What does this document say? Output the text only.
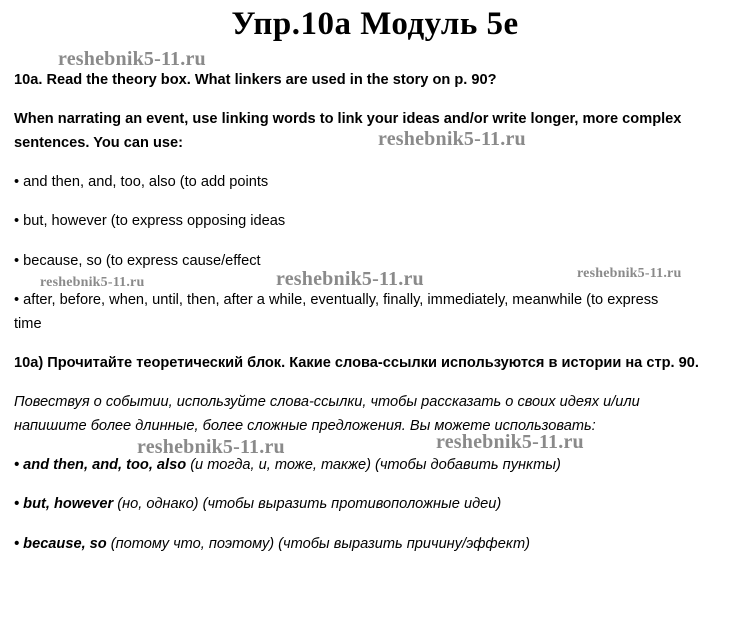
Упр.10а Модуль 5е
reshebnik5-11.ru
reshebnik5-11.ru
reshebnik5-11.ru	reshebnik5-11.ru	reshebnik5-11.ru
reshebnik5-11.ru	reshebnik5-11.ru
10a. Read the theory box. What linkers are used in the story on p. 90?
When narrating an event, use linking words to link your ideas and/or write longer, more complex
sentences. You can use:
• and then, and, too, also (to add points
• but, however (to express opposing ideas
• because, so (to express cause/effect
• after, before, when, until, then, after a while, eventually, finally, immediately, meanwhile (to express
time
10а) Прочитайте теоретический блок. Какие слова-ссылки используются в истории на стр. 90.
Повествуя о событии, используйте слова-ссылки, чтобы рассказать о своих идеях и/или
напишите более длинные, более сложные предложения. Вы можете использовать:
• and then, and, too, also (и тогда, и, тоже, также) (чтобы добавить пункты)
• but, however (но, однако) (чтобы выразить противоположные идеи)
• because, so (потому что, поэтому) (чтобы выразить причину/эффект)
